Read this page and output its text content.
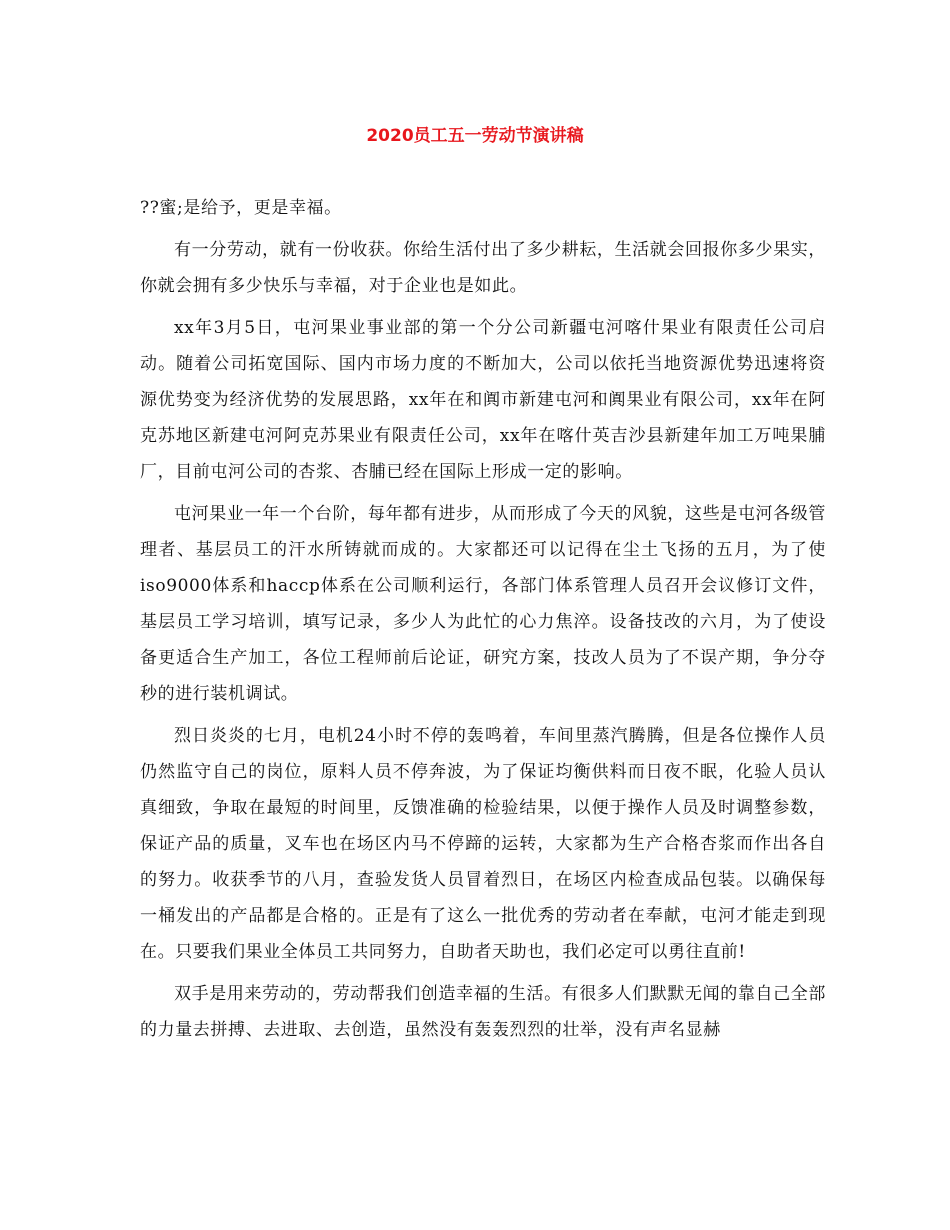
2020员工五一劳动节演讲稿

??蜜;是给予，更是幸福。

有一分劳动，就有一份收获。你给生活付出了多少耕耘，生活就会回报你多少果实，你就会拥有多少快乐与幸福，对于企业也是如此。

xx年3月5日，屯河果业事业部的第一个分公司新疆屯河喀什果业有限责任公司启动。随着公司拓宽国际、国内市场力度的不断加大，公司以依托当地资源优势迅速将资源优势变为经济优势的发展思路，xx年在和阗市新建屯河和阗果业有限公司，xx年在阿克苏地区新建屯河阿克苏果业有限责任公司，xx年在喀什英吉沙县新建年加工万吨果脯厂，目前屯河公司的杏浆、杏脯已经在国际上形成一定的影响。

屯河果业一年一个台阶，每年都有进步，从而形成了今天的风貌，这些是屯河各级管理者、基层员工的汗水所铸就而成的。大家都还可以记得在尘土飞扬的五月，为了使iso9000体系和haccp体系在公司顺利运行，各部门体系管理人员召开会议修订文件，基层员工学习培训，填写记录，多少人为此忙的心力焦淬。设备技改的六月，为了使设备更适合生产加工，各位工程师前后论证，研究方案，技改人员为了不误产期，争分夺秒的进行装机调试。

烈日炎炎的七月，电机24小时不停的轰鸣着，车间里蒸汽腾腾，但是各位操作人员仍然监守自己的岗位，原料人员不停奔波，为了保证均衡供料而日夜不眠，化验人员认真细致，争取在最短的时间里，反馈准确的检验结果，以便于操作人员及时调整参数，保证产品的质量，叉车也在场区内马不停蹄的运转，大家都为生产合格杏浆而作出各自的努力。收获季节的八月，查验发货人员冒着烈日，在场区内检查成品包装。以确保每一桶发出的产品都是合格的。正是有了这么一批优秀的劳动者在奉献，屯河才能走到现在。只要我们果业全体员工共同努力，自助者天助也，我们必定可以勇往直前!

双手是用来劳动的，劳动帮我们创造幸福的生活。有很多人们默默无闻的靠自己全部的力量去拼搏、去进取、去创造，虽然没有轰轰烈烈的壮举，没有声名显赫
